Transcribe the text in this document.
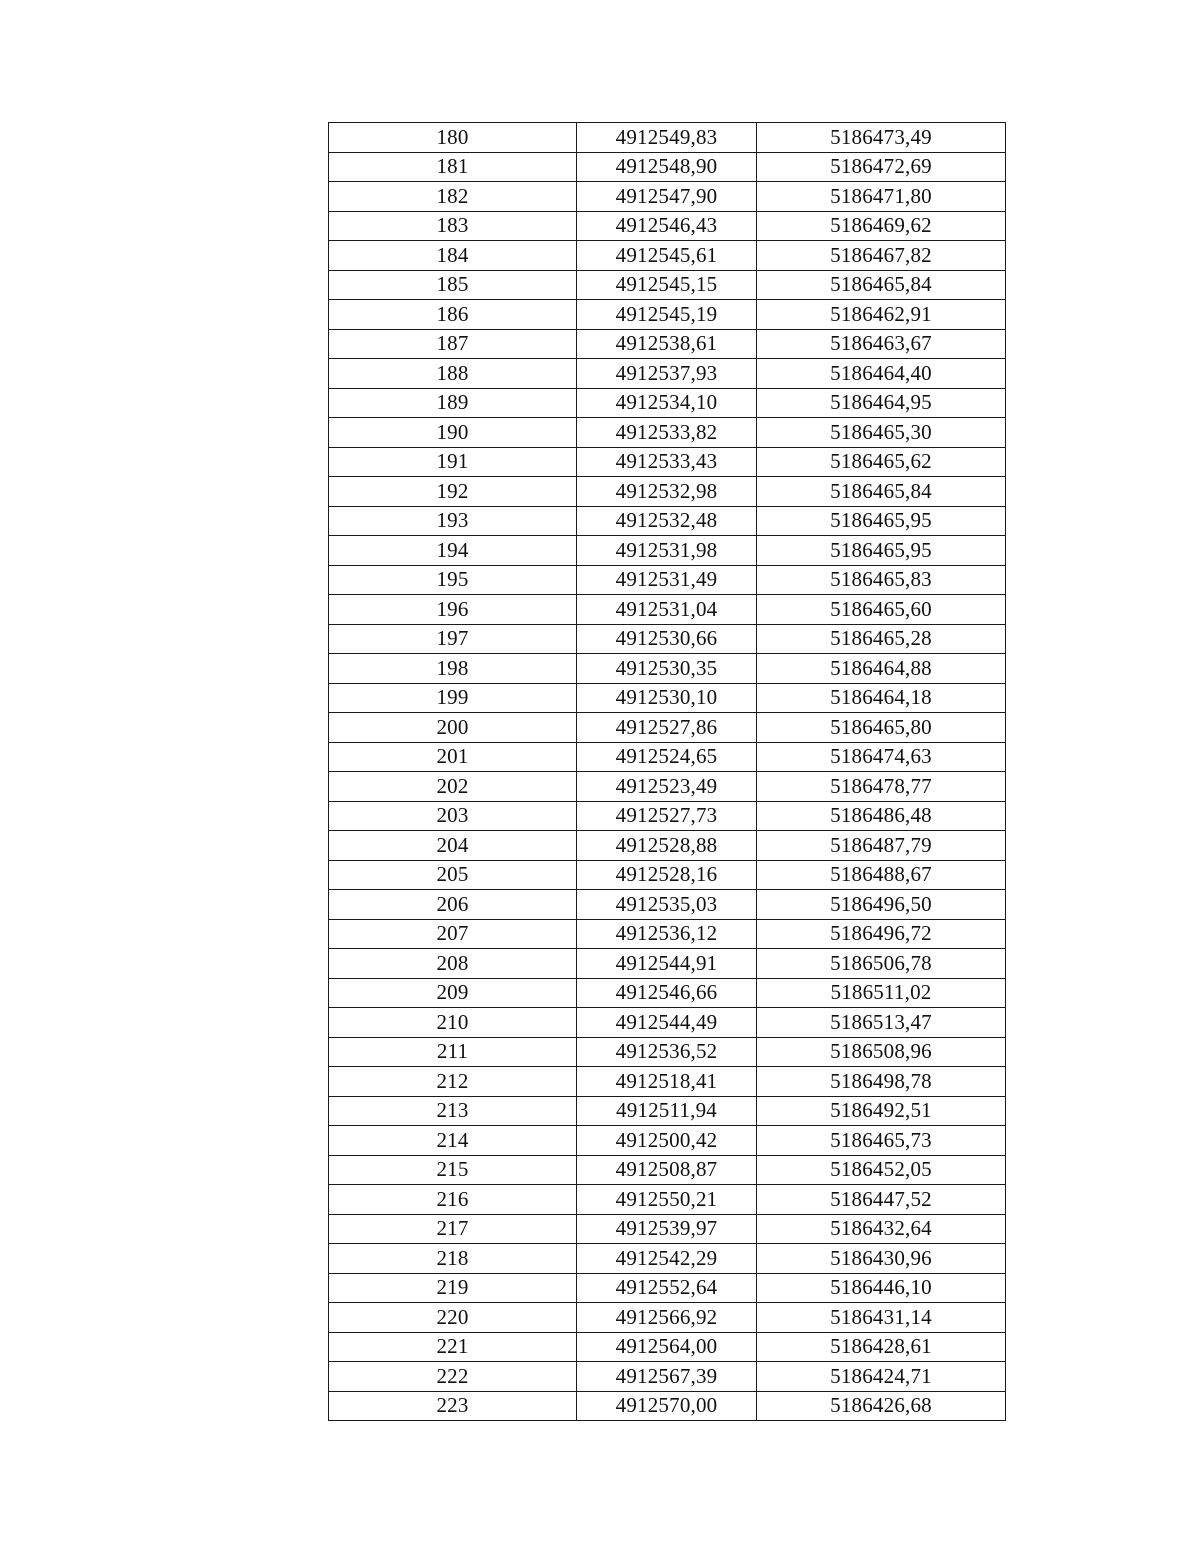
180	4912549,83	5186473,49
181	4912548,90	5186472,69
182	4912547,90	5186471,80
183	4912546,43	5186469,62
184	4912545,61	5186467,82
185	4912545,15	5186465,84
186	4912545,19	5186462,91
187	4912538,61	5186463,67
188	4912537,93	5186464,40
189	4912534,10	5186464,95
190	4912533,82	5186465,30
191	4912533,43	5186465,62
192	4912532,98	5186465,84
193	4912532,48	5186465,95
194	4912531,98	5186465,95
195	4912531,49	5186465,83
196	4912531,04	5186465,60
197	4912530,66	5186465,28
198	4912530,35	5186464,88
199	4912530,10	5186464,18
200	4912527,86	5186465,80
201	4912524,65	5186474,63
202	4912523,49	5186478,77
203	4912527,73	5186486,48
204	4912528,88	5186487,79
205	4912528,16	5186488,67
206	4912535,03	5186496,50
207	4912536,12	5186496,72
208	4912544,91	5186506,78
209	4912546,66	5186511,02
210	4912544,49	5186513,47
211	4912536,52	5186508,96
212	4912518,41	5186498,78
213	4912511,94	5186492,51
214	4912500,42	5186465,73
215	4912508,87	5186452,05
216	4912550,21	5186447,52
217	4912539,97	5186432,64
218	4912542,29	5186430,96
219	4912552,64	5186446,10
220	4912566,92	5186431,14
221	4912564,00	5186428,61
222	4912567,39	5186424,71
223	4912570,00	5186426,68
